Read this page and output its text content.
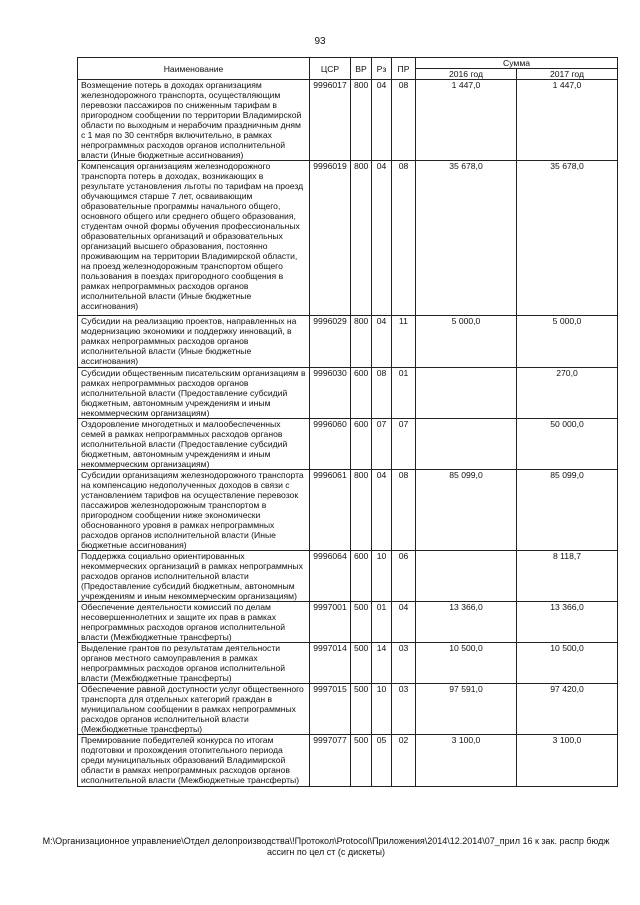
93
Наименование	ЦСР	ВР	Рз	ПР	Сумма	
					2016 год	2017 год
Возмещение потерь в доходах организациям железнодорожного транспорта, осуществляющим перевозки пассажиров по сниженным тарифам в пригородном сообщении по территории Владимирской области по выходным и нерабочим праздничным дням с 1 мая по 30 сентября включительно, в рамках непрограммных расходов органов исполнительной власти (Иные бюджетные ассигнования)	9996017	800	04	08	1 447,0	1 447,0
Компенсация организациям железнодорожного транспорта потерь в доходах, возникающих в результате установления льготы по тарифам на проезд обучающимся старше 7 лет, осваивающим образовательные программы начального общего, основного общего или среднего общего образования, студентам очной формы обучения профессиональных образовательных организаций и образовательных организаций высшего образования, постоянно проживающим на территории Владимирской области, на проезд железнодорожным транспортом общего пользования в поездах пригородного сообщения в рамках непрограммных расходов органов исполнительной власти (Иные бюджетные ассигнования)	9996019	800	04	08	35 678,0	35 678,0
Субсидии на реализацию проектов, направленных на модернизацию экономики и поддержку инноваций, в рамках непрограммных расходов органов исполнительной власти (Иные бюджетные ассигнования)	9996029	800	04	11	5 000,0	5 000,0
Субсидии общественным писательским организациям в рамках непрограммных расходов органов исполнительной власти (Предоставление субсидий бюджетным, автономным учреждениям и иным некоммерческим организациям)	9996030	600	08	01		270,0
Оздоровление многодетных и малообеспеченных семей в рамках непрограммных расходов органов исполнительной власти (Предоставление субсидий бюджетным, автономным учреждениям и иным некоммерческим организациям)	9996060	600	07	07		50 000,0
Субсидии организациям железнодорожного транспорта на компенсацию недополученных доходов в связи с установлением тарифов на осуществление перевозок пассажиров железнодорожным транспортом в пригородном сообщении ниже экономически обоснованного уровня в рамках непрограммных расходов органов исполнительной власти (Иные бюджетные ассигнования)	9996061	800	04	08	85 099,0	85 099,0
Поддержка социально ориентированных некоммерческих организаций в рамках непрограммных расходов органов исполнительной власти (Предоставление субсидий бюджетным, автономным учреждениям и иным некоммерческим организациям)	9996064	600	10	06		8 118,7
Обеспечение деятельности комиссий по делам несовершеннолетних и защите их прав в рамках непрограммных расходов органов исполнительной власти (Межбюджетные трансферты)	9997001	500	01	04	13 366,0	13 366,0
Выделение грантов по результатам деятельности органов местного самоуправления в рамках непрограммных расходов органов исполнительной власти (Межбюджетные трансферты)	9997014	500	14	03	10 500,0	10 500,0
Обеспечение равной доступности услуг общественного транспорта для отдельных категорий граждан в муниципальном сообщении в рамках непрограммных расходов органов исполнительной власти (Межбюджетные трансферты)	9997015	500	10	03	97 591,0	97 420,0
Премирование победителей конкурса по итогам подготовки и прохождения отопительного периода среди муниципальных образований Владимирской области в рамках непрограммных расходов органов исполнительной власти (Межбюджетные трансферты)	9997077	500	05	02	3 100,0	3 100,0
M:\Организационное управление\Отдел делопроизводства\!Протокол\Protocol\Приложения\2014\12.2014\07_прил 16 к зак. распр бюдж ассигн по цел ст (с дискеты)
